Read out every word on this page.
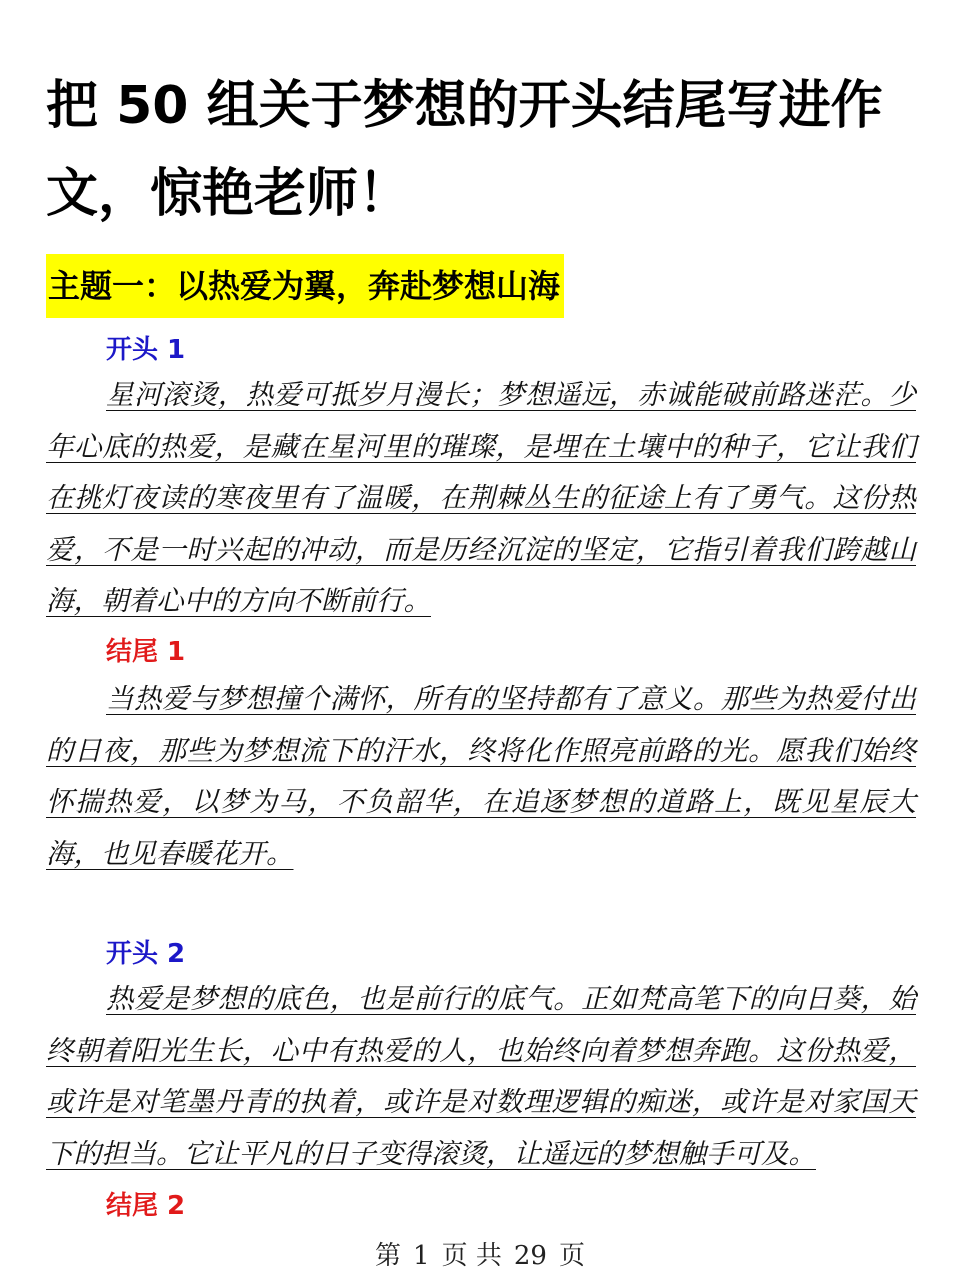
把 50 组关于梦想的开头结尾写进作文，惊艳老师！
主题一：以热爱为翼，奔赴梦想山海
开头 1

星河滚烫，热爱可抵岁月漫长；梦想遥远，赤诚能破前路迷茫。少年心底的热爱，是藏在星河里的璀璨，是埋在土壤中的种子，它让我们在挑灯夜读的寒夜里有了温暖，在荆棘丛生的征途上有了勇气。这份热爱，不是一时兴起的冲动，而是历经沉淀的坚定，它指引着我们跨越山海，朝着心中的方向不断前行。

结尾 1

当热爱与梦想撞个满怀，所有的坚持都有了意义。那些为热爱付出的日夜，那些为梦想流下的汗水，终将化作照亮前路的光。愿我们始终怀揣热爱，以梦为马，不负韶华，在追逐梦想的道路上，既见星辰大海，也见春暖花开。

开头 2

热爱是梦想的底色，也是前行的底气。正如梵高笔下的向日葵，始终朝着阳光生长，心中有热爱的人，也始终向着梦想奔跑。这份热爱，或许是对笔墨丹青的执着，或许是对数理逻辑的痴迷，或许是对家国天下的担当。它让平凡的日子变得滚烫，让遥远的梦想触手可及。

结尾 2
第 1 页 共 29 页
